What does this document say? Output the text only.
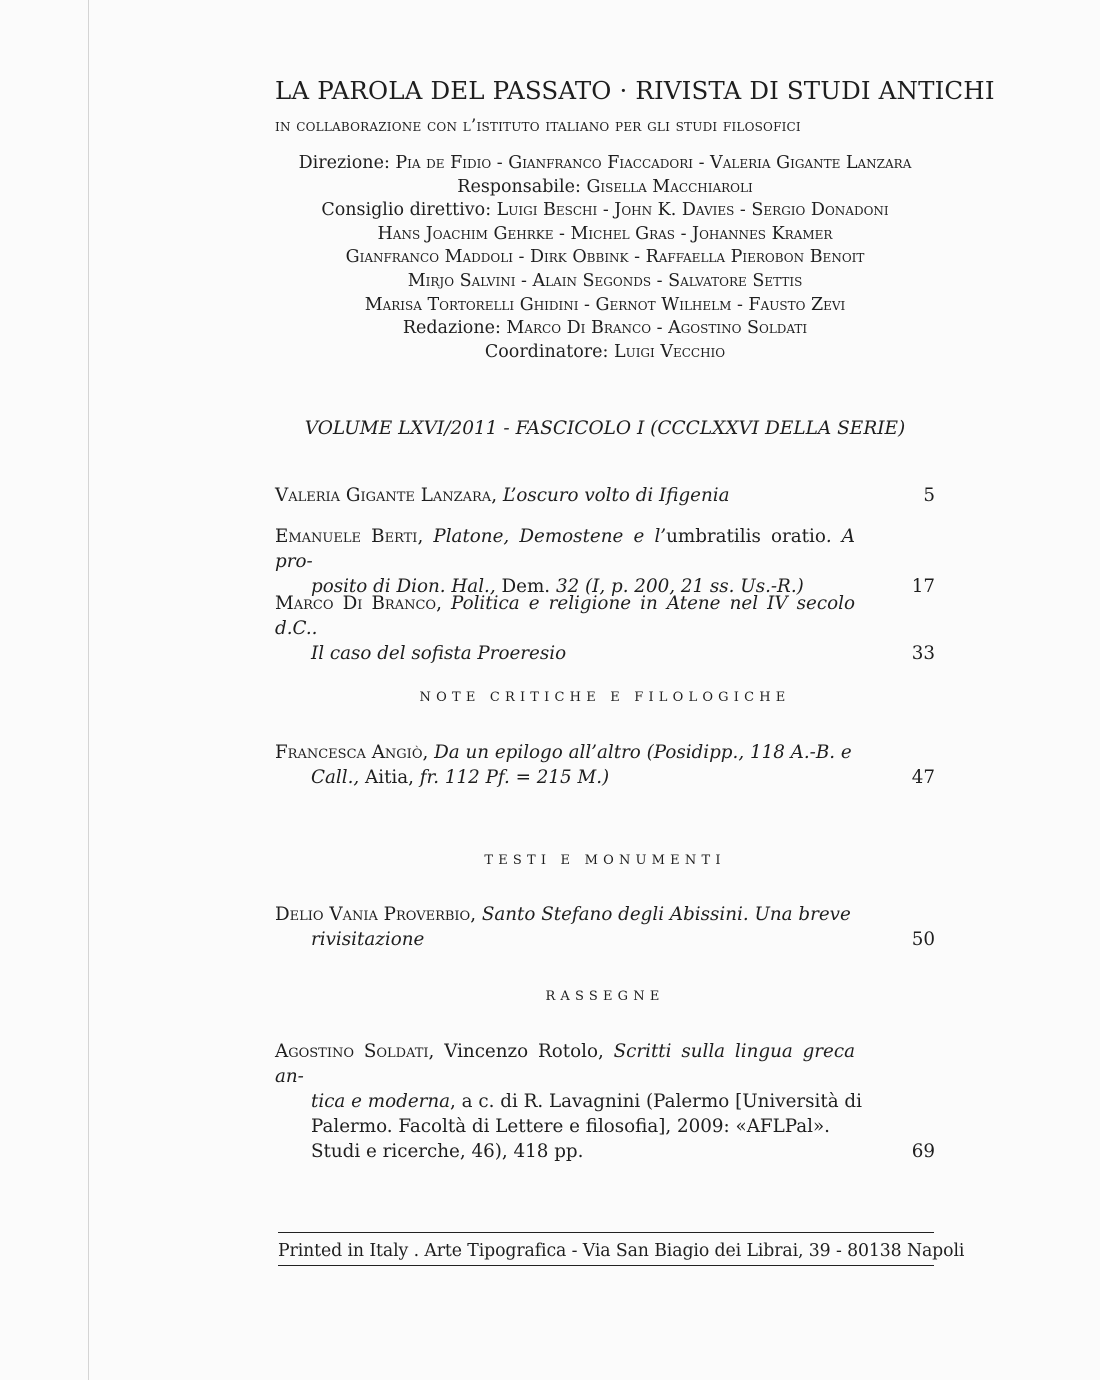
LA PAROLA DEL PASSATO · RIVISTA DI STUDI ANTICHI
in collaborazione con l’istituto italiano per gli studi filosofici
Direzione: Pia de Fidio - Gianfranco Fiaccadori - Valeria Gigante Lanzara
Responsabile: Gisella Macchiaroli
Consiglio direttivo: Luigi Beschi - John K. Davies - Sergio Donadoni
Hans Joachim Gehrke - Michel Gras - Johannes Kramer
Gianfranco Maddoli - Dirk Obbink - Raffaella Pierobon Benoit
Mirjo Salvini - Alain Segonds - Salvatore Settis
Marisa Tortorelli Ghidini - Gernot Wilhelm - Fausto Zevi
Redazione: Marco Di Branco - Agostino Soldati
Coordinatore: Luigi Vecchio
VOLUME LXVI/2011 - FASCICOLO I (CCCLXXVI DELLA SERIE)
Valeria Gigante Lanzara, L’oscuro volto di Ifigenia	5
Emanuele Berti, Platone, Demostene e l’umbratilis oratio. A pro-
posito di Dion. Hal., Dem. 32 (I, p. 200, 21 ss. Us.-R.)	17
Marco Di Branco, Politica e religione in Atene nel IV secolo d.C..
Il caso del sofista Proeresio	33
NOTE CRITICHE E FILOLOGICHE
Francesca Angiò, Da un epilogo all’altro (Posidipp., 118 A.-B. e
Call., Aitia, fr. 112 Pf. = 215 M.)	47
TESTI E MONUMENTI
Delio Vania Proverbio, Santo Stefano degli Abissini. Una breve
rivisitazione	50
RASSEGNE
Agostino Soldati, Vincenzo Rotolo, Scritti sulla lingua greca an-
tica e moderna, a c. di R. Lavagnini (Palermo [Università di
Palermo. Facoltà di Lettere e filosofia], 2009: «AFLPal».
Studi e ricerche, 46), 418 pp.	69
Printed in Italy . Arte Tipografica - Via San Biagio dei Librai, 39 - 80138 Napoli
